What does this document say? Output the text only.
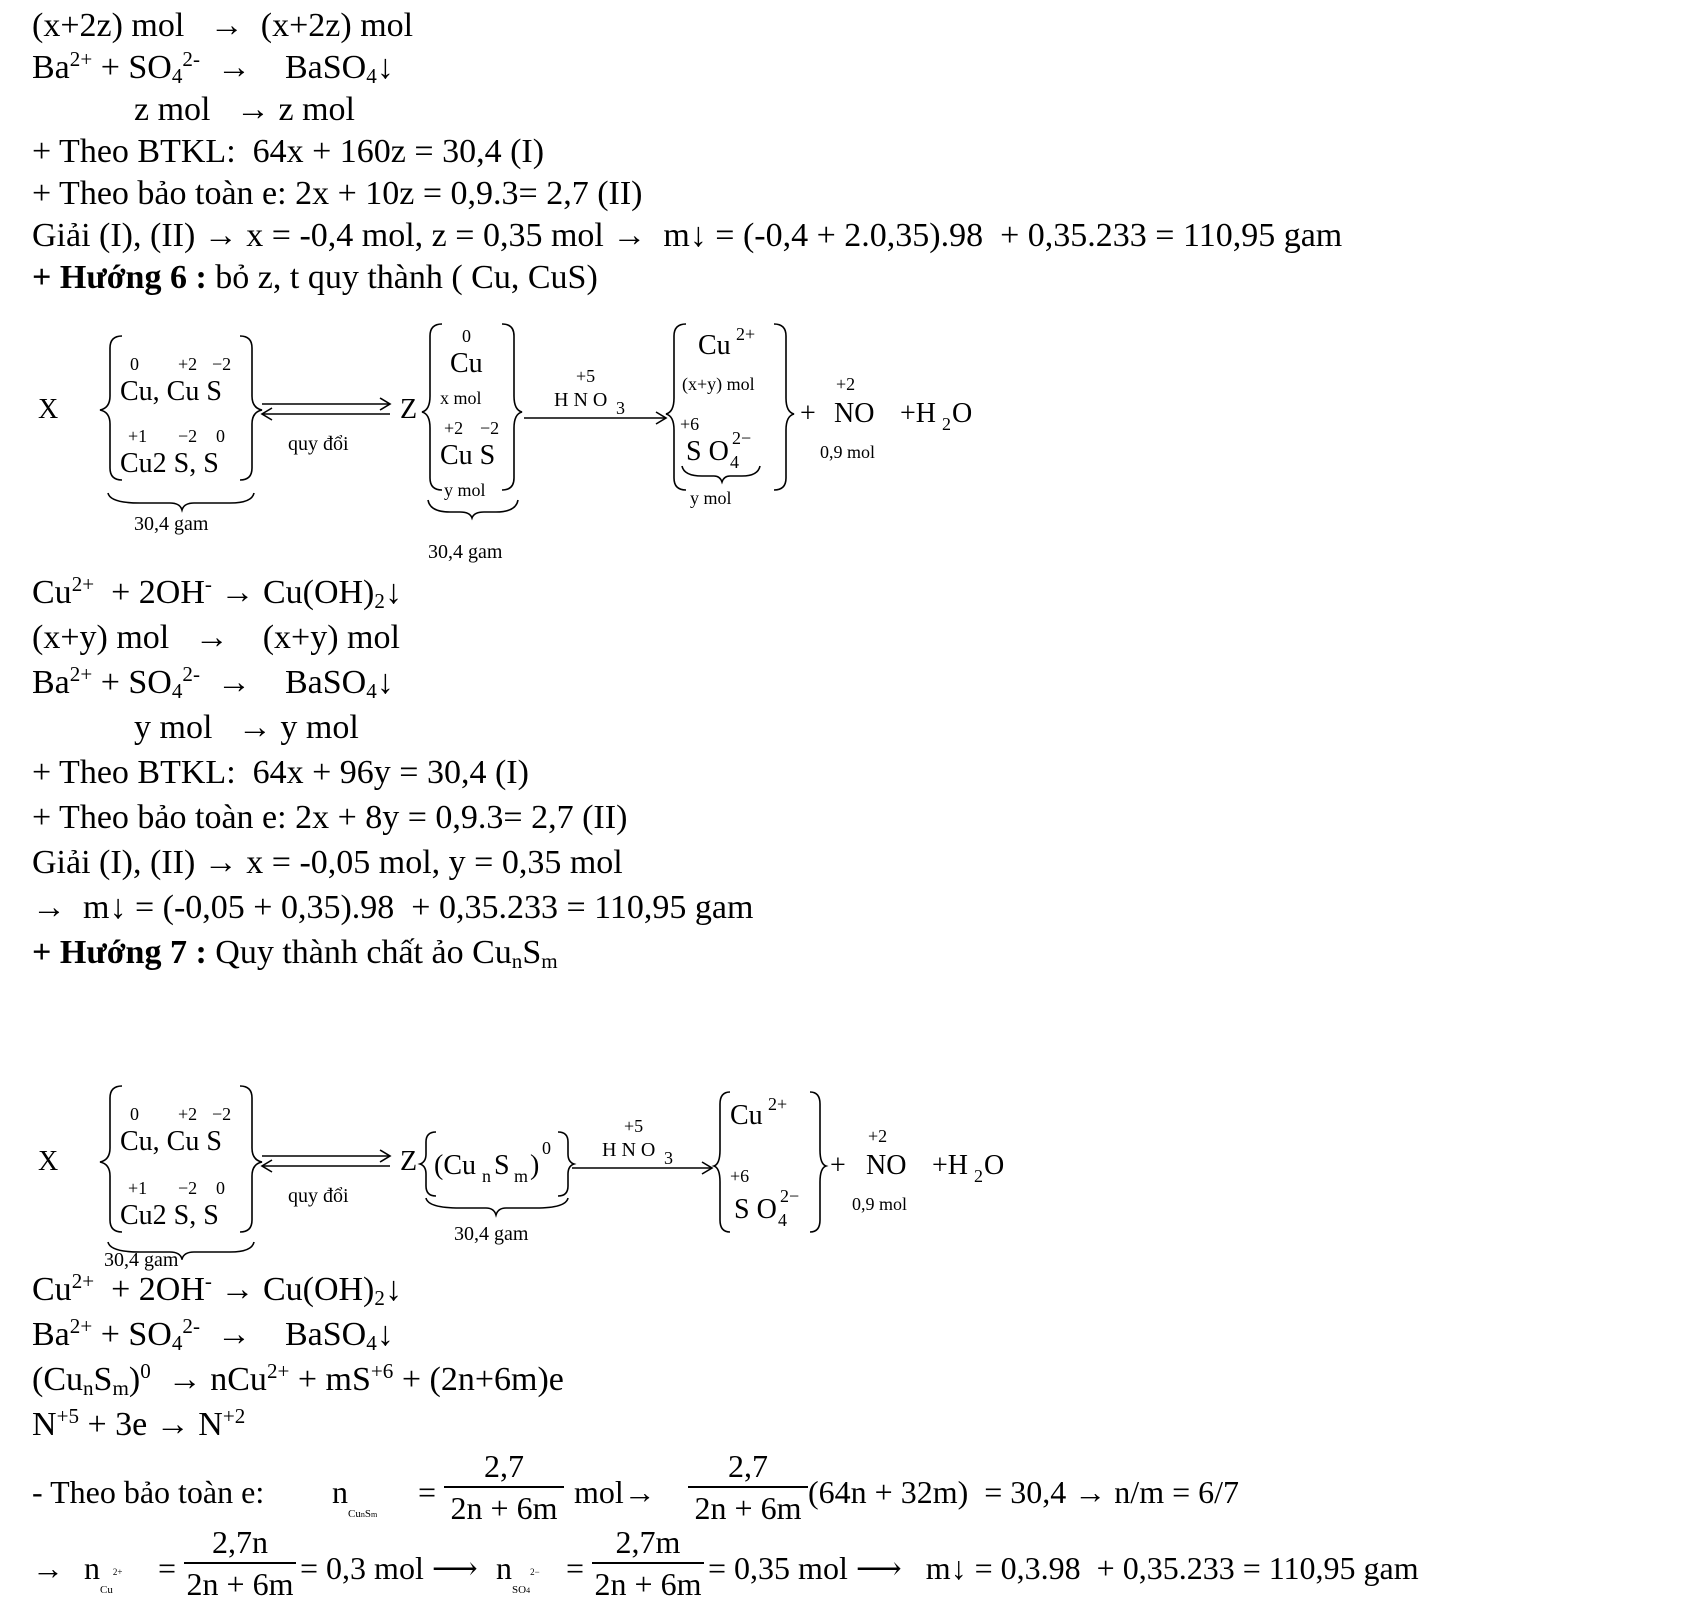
(x+2z) mol   →  (x+2z) mol
$Ba^{2+} + SO_4^{2-}$  →    BaSO$_4$↓
z mol   → z mol
+ Theo BTKL:  64x + 160z = 30,4 (I)
+ Theo bảo toàn e: 2x + 10z = 0,9.3= 2,7 (II)
Giải (I), (II) → x = -0,4 mol, z = 0,35 mol →  m↓ = (-0,4 + 2.0,35).98  + 0,35.233 = 110,95 gam
+ Hướng 6 : bỏ z, t quy thành ( Cu, CuS)
X
0 +2 −2
Cu, Cu S
+1 −2 0
Cu2 S, S
30,4 gam
quy đổi
Z
0
Cu
x mol
+2 −2
Cu S
y mol
30,4 gam
+5
H N O 3
Cu 2+
(x+y) mol
+6
S O 4
2−
y mol
+
+2
NO +H 2 O
0,9 mol
$Cu^{2+} + 2OH^-$ → $Cu(OH)_2↓$
(x+y) mol   →    (x+y) mol
$Ba^{2+} + SO_4^{2-}$  →    BaSO$_4$↓
y mol   → y mol
+ Theo BTKL:  64x + 96y = 30,4 (I)
+ Theo bảo toàn e: 2x + 8y = 0,9.3= 2,7 (II)
Giải (I), (II) → x = -0,05 mol, y = 0,35 mol
→  m↓ = (-0,05 + 0,35).98  + 0,35.233 = 110,95 gam
+ Hướng 7 : Quy thành chất ảo $Cu_nS_m$
X
0 +2 −2
Cu, Cu S
+1 −2 0
Cu2 S, S
quy đổi
Z (Cu n S m )
0
30,4 gam
+5
H N O 3
Cu 2+
+6
S O 4
2−
+
+2
NO +H 2 O
0,9 mol
30,4 gam
$Cu^{2+} + 2OH^-$ → $Cu(OH)_2↓$
$Ba^{2+} + SO_4^{2-}$  →    BaSO$_4$↓
$(Cu_nS_m)^0 \to nCu^{2+} + mS^{+6} + (2n+6m)e$
$N^{+5} + 3e \to N^{+2}$
- Theo bảo toàn e: $n_{CunSm}$
= $\frac{2,7}{2n + 6m} mol\to \frac{2,7}{2n + 6m} (64n + 32m) = 30,4 \to n/m = 6/7$
→ $n_{Cu}2+ = \frac{2,7n}{2n + 6m} = 0,3$ mol ⟶ $n_{SO4}2- = \frac{2,7m}{2n + 6m} = 0,35$ mol ⟶   m↓ = 0,3.98  + 0,35.233 = 110,95 gam
